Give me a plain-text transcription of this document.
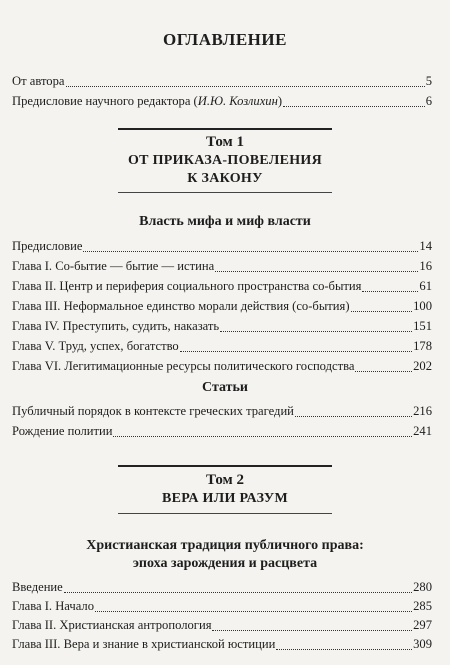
ОГЛАВЛЕНИЕ
От автора	5
Предисловие научного редактора (И.Ю. Козлихин)	6
Том 1
ОТ ПРИКАЗА-ПОВЕЛЕНИЯ
К ЗАКОНУ
Власть мифа и миф власти
Предисловие	14
Глава I. Со-бытие — бытие — истина	16
Глава II. Центр и периферия социального пространства со-бытия	61
Глава III. Неформальное единство морали действия (со-бытия)	100
Глава IV. Преступить, судить, наказать	151
Глава V. Труд, успех, богатство	178
Глава VI. Легитимационные ресурсы политического господства	202
Статьи
Публичный порядок в контексте греческих трагедий	216
Рождение политии	241
Том 2
ВЕРА ИЛИ РАЗУМ
Христианская традиция публичного права:
эпоха зарождения и расцвета
Введение	280
Глава I. Начало	285
Глава II. Христианская антропология	297
Глава III. Вера и знание в христианской юстиции	309
